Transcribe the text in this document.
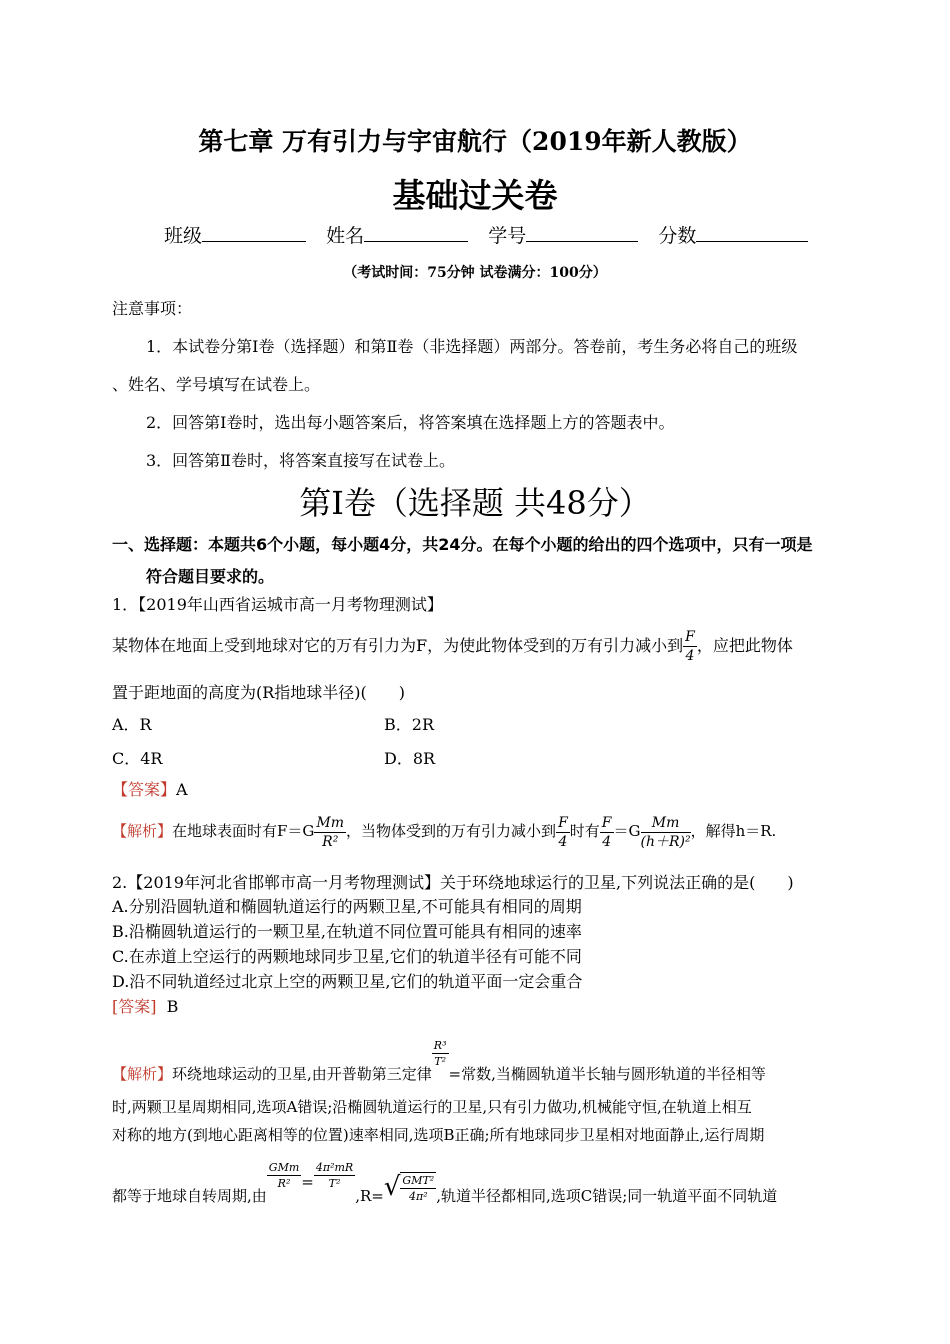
第七章 万有引力与宇宙航行（2019年新人教版）
基础过关卷
班级	姓名	学号	分数
（考试时间：75分钟 试卷满分：100分）
注意事项：
1．本试卷分第Ⅰ卷（选择题）和第Ⅱ卷（非选择题）两部分。答卷前，考生务必将自己的班级
、姓名、学号填写在试卷上。
2．回答第Ⅰ卷时，选出每小题答案后，将答案填在选择题上方的答题表中。
3．回答第Ⅱ卷时，将答案直接写在试卷上。
第Ⅰ卷（选择题 共48分）
一、选择题：本题共6个小题，每小题4分，共24分。在每个小题的给出的四个选项中，只有一项是
符合题目要求的。
1．【2019年山西省运城市高一月考物理测试】
某物体在地面上受到地球对它的万有引力为F，为使此物体受到的万有引力减小到 $\frac{F}{4}$ ，应把此物体
置于距地面的高度为(R指地球半径)(　　)
A．R	B．2R
C．4R	D．8R
【答案】A
【解析】在地球表面时有$F=G \frac{Mm}{\text{R²}}$ ，当物体受到的万有引力减小到 $\frac{F}{4}$ 时有 $\frac{F}{4} =G \frac{Mm}{\text{(h＋R)²}}$ ，解得h＝R.
2.【2019年河北省邯郸市高一月考物理测试】关于环绕地球运行的卫星,下列说法正确的是(　　)
A.分别沿圆轨道和椭圆轨道运行的两颗卫星,不可能具有相同的周期
B.沿椭圆轨道运行的一颗卫星,在轨道不同位置可能具有相同的速率
C.在赤道上空运行的两颗地球同步卫星,它们的轨道半径有可能不同
D.沿不同轨道经过北京上空的两颗卫星,它们的轨道平面一定会重合
[答案] B
【解析】环绕地球运动的卫星,由开普勒第三定律
$\frac{\text{R³}}{\text{T²}}$
=常数,当椭圆轨道半长轴与圆形轨道的半径相等
时,两颗卫星周期相同,选项A错误;沿椭圆轨道运行的卫星,只有引力做功,机械能守恒,在轨道上相互
对称的地方(到地心距离相等的位置)速率相同,选项B正确;所有地球同步卫星相对地面静止,运行周期
都等于地球自转周期,由
$\frac{\text{GMm}}{\text{R²}} = \frac{\text{4π²mR}}{\text{T²}}$
$,R=√ \frac{\text{GMT²}}{\text{4π²}}$ ,轨道半径都相同,选项C错误;同一轨道平面不同轨道
